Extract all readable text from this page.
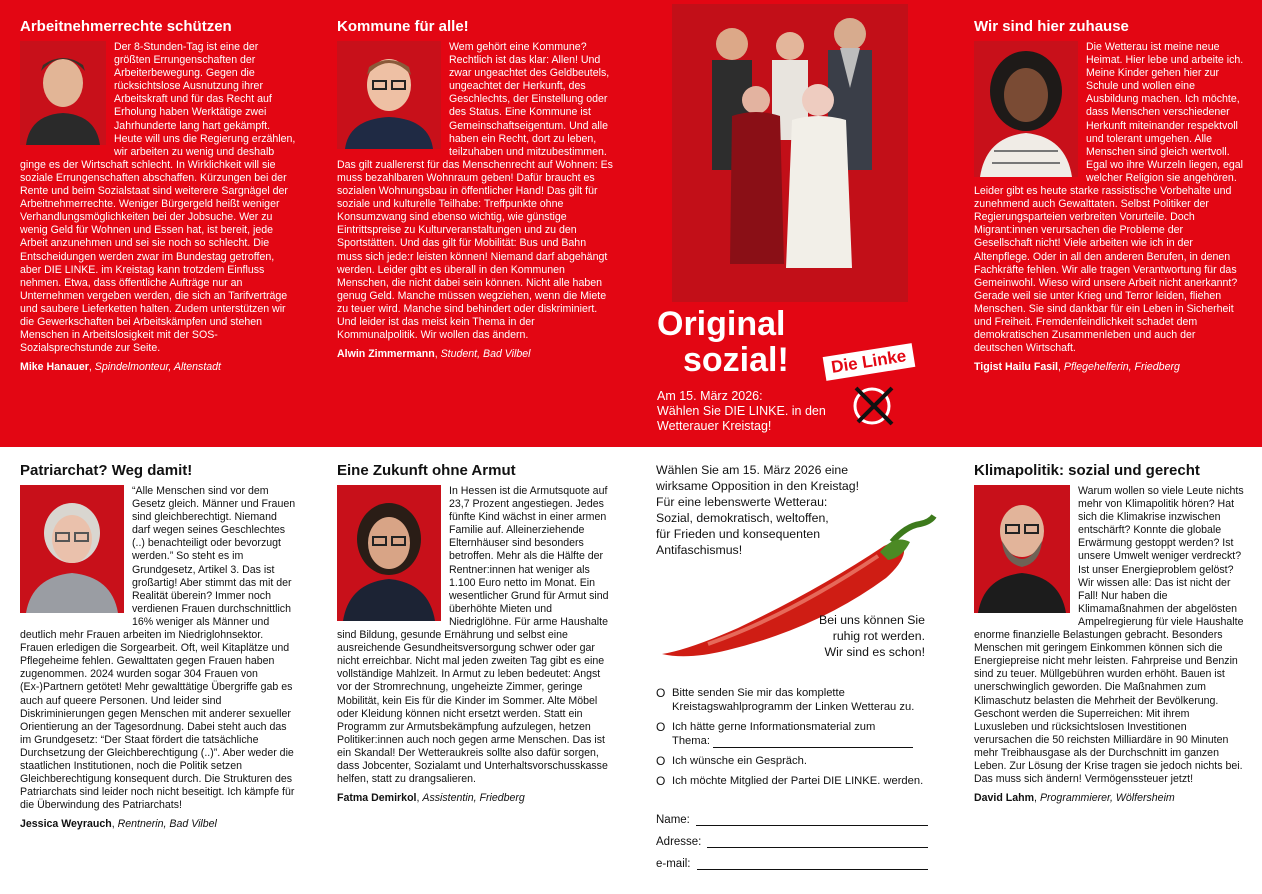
Arbeitnehmerrechte schützen

Der 8-Stunden-Tag ist eine der größten Errungenschaften der Arbeiterbewegung. Gegen die rücksichtslose Ausnutzung ihrer Arbeitskraft und für das Recht auf Erholung haben Werktätige zwei Jahrhunderte lang hart gekämpft. Heute will uns die Regierung erzählen, wir arbeiten zu wenig und deshalb ginge es der Wirtschaft schlecht. In Wirklichkeit will sie soziale Errungenschaften abschaffen. Kürzungen bei der Rente und beim Sozialstaat sind weiterere Sargnägel der Arbeitnehmerrechte. Weniger Bürgergeld heißt weniger Verhandlungsmöglichkeiten bei der Jobsuche. Wer zu wenig Geld für Wohnen und Essen hat, ist bereit, jede Arbeit anzunehmen und sei sie noch so schlecht. Die Entscheidungen werden zwar im Bundestag getroffen, aber DIE LINKE. im Kreistag kann trotzdem Einfluss nehmen. Etwa, dass öffentliche Aufträge nur an Unternehmen vergeben werden, die sich an Tarifverträge und saubere Lieferketten halten. Zudem unterstützen wir die Gewerkschaften bei Arbeitskämpfen und stehen Menschen in Arbeitslosigkeit mit der SOS-Sozialsprechstunde zur Seite.

Mike Hanauer, Spindelmonteur, Altenstadt
Kommune für alle!

Wem gehört eine Kommune? Rechtlich ist das klar: Allen! Und zwar ungeachtet des Geldbeutels, ungeachtet der Herkunft, des Geschlechts, der Einstellung oder des Status. Eine Kommune ist Gemeinschaftseigentum. Und alle haben ein Recht, dort zu leben, teilzuhaben und mitzubestimmen. Das gilt zuallererst für das Menschenrecht auf Wohnen: Es muss bezahlbaren Wohnraum geben! Dafür braucht es sozialen Wohnungsbau in öffentlicher Hand! Das gilt für soziale und kulturelle Teilhabe: Treffpunkte ohne Konsumzwang sind ebenso wichtig, wie günstige Eintrittspreise zu Kulturveranstaltungen und zu den Sportstätten. Und das gilt für Mobilität: Bus und Bahn muss sich jede:r leisten können! Niemand darf abgehängt werden. Leider gibt es überall in den Kommunen Menschen, die nicht dabei sein können. Nicht alle haben genug Geld. Manche müssen wegziehen, wenn die Miete zu teuer wird. Manche sind behindert oder diskriminiert. Und leider ist das meist kein Thema in der Kommunalpolitik. Wir wollen das ändern.

Alwin Zimmermann, Student, Bad Vilbel
Original
sozial!	Die Linke
Am 15. März 2026:
Wählen Sie DIE LINKE. in den
Wetterauer Kreistag!
Wir sind hier zuhause

Die Wetterau ist meine neue Heimat. Hier lebe und arbeite ich. Meine Kinder gehen hier zur Schule und wollen eine Ausbildung machen. Ich möchte, dass Menschen verschiedener Herkunft miteinander respektvoll und tolerant umgehen. Alle Menschen sind gleich wertvoll. Egal wo ihre Wurzeln liegen, egal welcher Religion sie angehören. Leider gibt es heute starke rassistische Vorbehalte und zunehmend auch Gewalttaten. Selbst Politiker der Regierungsparteien verbreiten Vorurteile. Doch Migrant:innen verursachen die Probleme der Gesellschaft nicht! Viele arbeiten wie ich in der Altenpflege. Oder in all den anderen Berufen, in denen Fachkräfte fehlen. Wir alle tragen Verantwortung für das Gemeinwohl. Wieso wird unsere Arbeit nicht anerkannt? Gerade weil sie unter Krieg und Terror leiden, fliehen Menschen. Sie sind dankbar für ein Leben in Sicherheit und Freiheit. Fremdenfeindlichkeit schadet dem demokratischen Zusammenleben und auch der deutschen Wirtschaft.

Tigist Hailu Fasil, Pflegehelferin, Friedberg
Patriarchat? Weg damit!

“Alle Menschen sind vor dem Gesetz gleich. Männer und Frauen sind gleichberechtigt. Niemand darf wegen seines Geschlechtes (..) benachteiligt oder bevorzugt werden.” So steht es im Grundgesetz, Artikel 3. Das ist großartig! Aber stimmt das mit der Realität überein? Immer noch verdienen Frauen durchschnittlich 16% weniger als Männer und deutlich mehr Frauen arbeiten im Niedriglohnsektor. Frauen erledigen die Sorgearbeit. Oft, weil Kitaplätze und Pflegeheime fehlen. Gewalttaten gegen Frauen haben zugenommen. 2024 wurden sogar 304 Frauen von (Ex-)Partnern getötet! Mehr gewalttätige Übergriffe gab es auch auf queere Personen. Und leider sind Diskriminierungen gegen Menschen mit anderer sexueller Orientierung an der Tagesordnung. Dabei steht auch das im Grundgesetz: “Der Staat fördert die tatsächliche Durchsetzung der Gleichberechtigung (..)”. Aber weder die staatlichen Institutionen, noch die Politik setzen Gleichberechtigung konsequent durch. Die Strukturen des Patriarchats sind leider noch nicht beseitigt. Ich kämpfe für die Überwindung des Patriarchats!

Jessica Weyrauch, Rentnerin, Bad Vilbel
Eine Zukunft ohne Armut

In Hessen ist die Armutsquote auf 23,7 Prozent angestiegen. Jedes fünfte Kind wächst in einer armen Familie auf. Alleinerziehende Elternhäuser sind besonders betroffen. Mehr als die Hälfte der Rentner:innen hat weniger als 1.100 Euro netto im Monat. Ein wesentlicher Grund für Armut sind überhöhte Mieten und Niedriglöhne. Für arme Haushalte sind Bildung, gesunde Ernährung und selbst eine ausreichende Gesundheitsversorgung schwer oder gar nicht erreichbar. Nicht mal jeden zweiten Tag gibt es eine vollständige Mahlzeit. In Armut zu leben bedeutet: Angst vor der Stromrechnung, ungeheizte Zimmer, geringe Mobilität, kein Eis für die Kinder im Sommer. Alte Möbel oder Kleidung können nicht ersetzt werden. Statt ein Programm zur Armutsbekämpfung aufzulegen, hetzen Politiker:innen auch noch gegen arme Menschen. Das ist ein Skandal! Der Wetteraukreis sollte also dafür sorgen, dass Jobcenter, Sozialamt und Unterhaltsvorschusskasse helfen, statt zu drangsalieren.

Fatma Demirkol, Assistentin, Friedberg
Wählen Sie am 15. März 2026 eine
wirksame Opposition in den Kreistag!
Für eine lebenswerte Wetterau:
Sozial, demokratisch, weltoffen,
für Frieden und konsequenten
Antifaschismus!
Bei uns können Sie
ruhig rot werden.
Wir sind es schon!
O Bitte senden Sie mir das komplette Kreistagswahlprogramm der Linken Wetterau zu.
O Ich hätte gerne Informationsmaterial zum
Thema:
O Ich wünsche ein Gespräch.
O Ich möchte Mitglied der Partei DIE LINKE. werden.
Name:
Adresse:
e-mail:
Klimapolitik: sozial und gerecht

Warum wollen so viele Leute nichts mehr von Klimapolitik hören? Hat sich die Klimakrise inzwischen entschärft? Konnte die globale Erwärmung gestoppt werden? Ist unsere Umwelt weniger verdreckt? Ist unser Energieproblem gelöst? Wir wissen alle: Das ist nicht der Fall! Nur haben die Klimamaßnahmen der abgelösten Ampelregierung für viele Haushalte enorme finanzielle Belastungen gebracht. Besonders Menschen mit geringem Einkommen können sich die Energiepreise nicht mehr leisten. Fahrpreise und Benzin sind zu teuer. Müllgebühren wurden erhöht. Bauen ist unerschwinglich geworden. Die Maßnahmen zum Klimaschutz belasten die Mehrheit der Bevölkerung. Geschont werden die Superreichen: Mit ihrem Luxusleben und rücksichtslosen Investitionen verursachen die 50 reichsten Milliardäre in 90 Minuten mehr Treibhausgase als der Durchschnitt im ganzen Leben. Zur Lösung der Krise tragen sie jedoch nichts bei. Das muss sich ändern! Vermögenssteuer jetzt!

David Lahm, Programmierer, Wölfersheim
